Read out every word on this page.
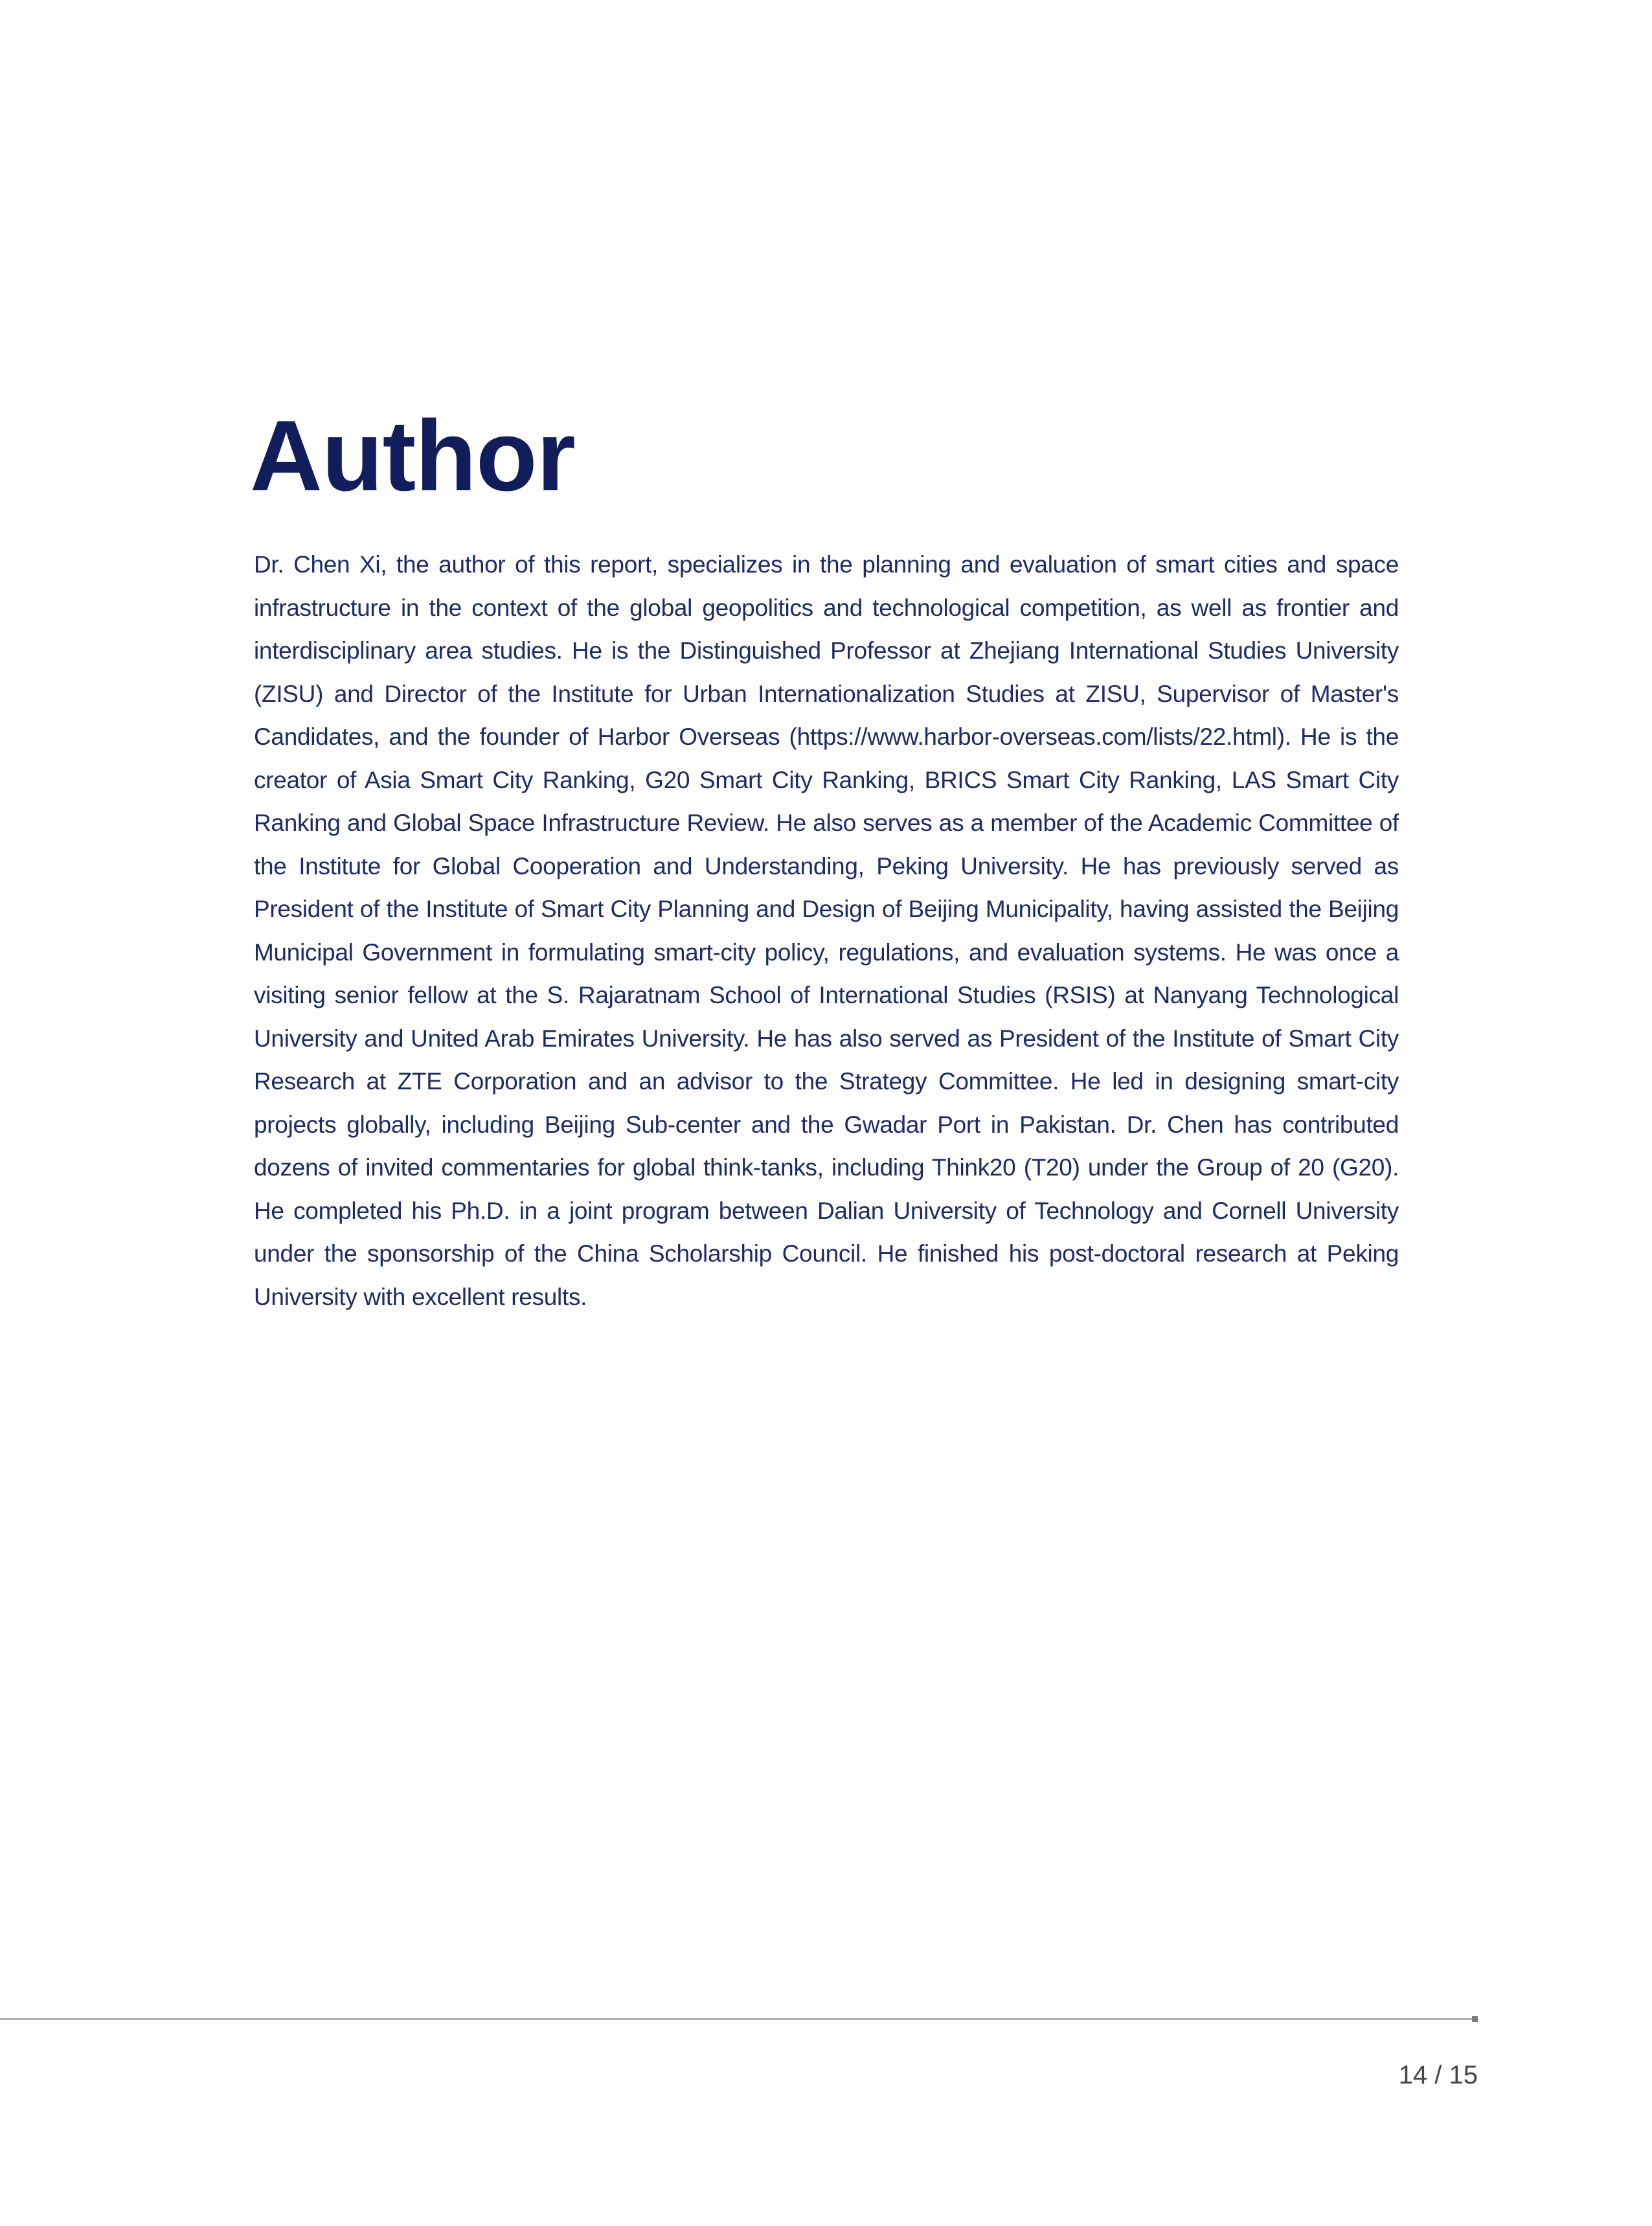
Author

Dr. Chen Xi, the author of this report, specializes in the planning and evaluation of smart cities and space infrastructure in the context of the global geopolitics and technological competition, as well as frontier and interdisciplinary area studies. He is the Distinguished Professor at Zhejiang International Studies University (ZISU) and Director of the Institute for Urban Internationalization Studies at ZISU, Supervisor of Master's Candidates, and the founder of Harbor Overseas (https://www.harbor-overseas.com/lists/22.html). He is the creator of Asia Smart City Ranking, G20 Smart City Ranking, BRICS Smart City Ranking, LAS Smart City Ranking and Global Space Infrastructure Review. He also serves as a member of the Academic Committee of the Institute for Global Cooperation and Understanding, Peking University. He has previously served as President of the Institute of Smart City Planning and Design of Beijing Municipality, having assisted the Beijing Municipal Government in formulating smart-city policy, regulations, and evaluation systems. He was once a visiting senior fellow at the S. Rajaratnam School of International Studies (RSIS) at Nanyang Technological University and United Arab Emirates University. He has also served as President of the Institute of Smart City Research at ZTE Corporation and an advisor to the Strategy Committee. He led in designing smart-city projects globally, including Beijing Sub-center and the Gwadar Port in Pakistan. Dr. Chen has contributed dozens of invited commentaries for global think-tanks, including Think20 (T20) under the Group of 20 (G20). He completed his Ph.D. in a joint program between Dalian University of Technology and Cornell University under the sponsorship of the China Scholarship Council. He finished his post-doctoral research at Peking University with excellent results.

14 / 15
